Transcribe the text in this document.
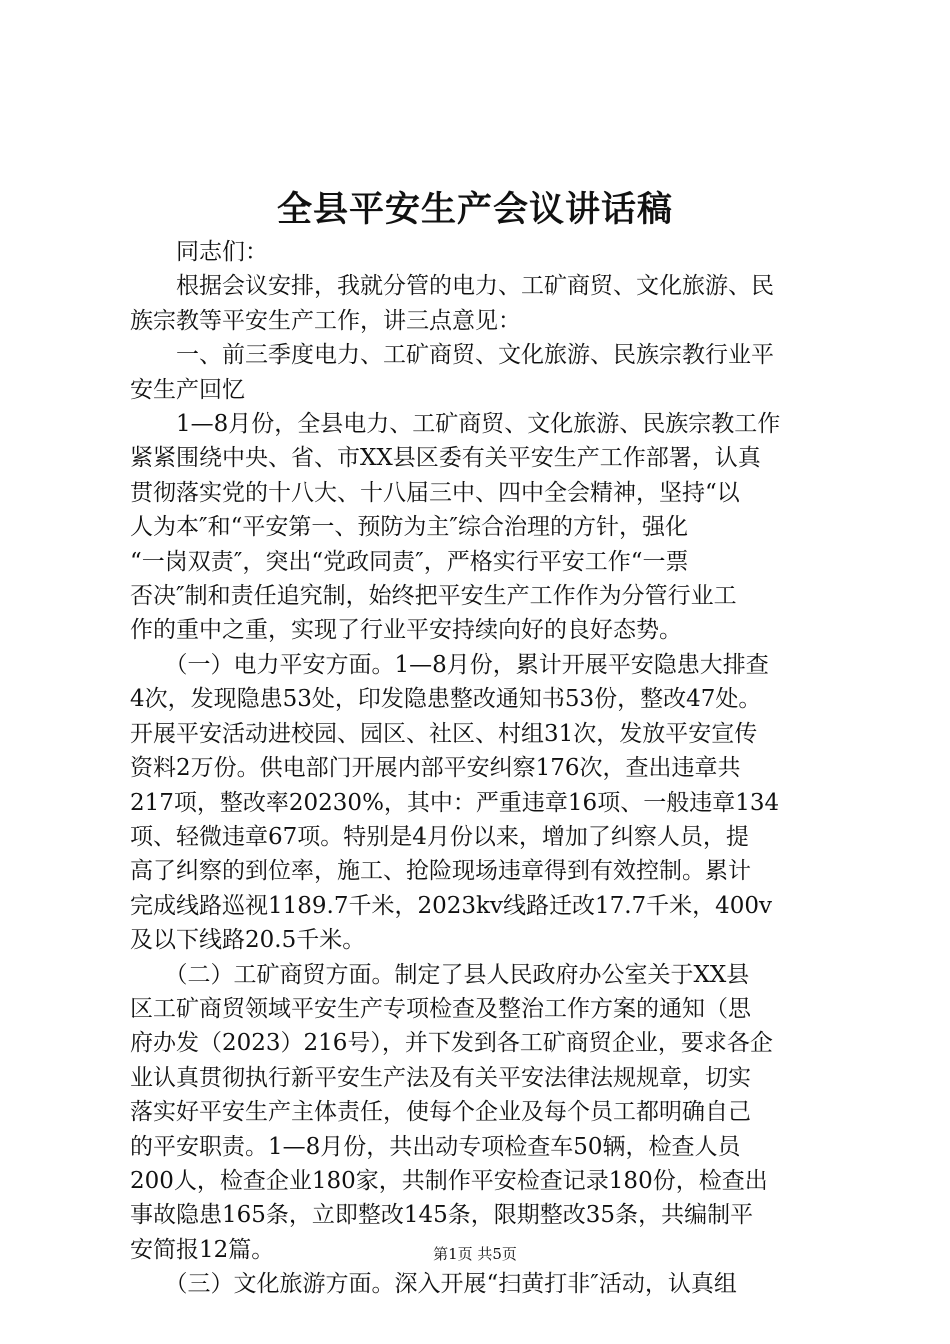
全县平安生产会议讲话稿

　　同志们：

　　根据会议安排，我就分管的电力、工矿商贸、文化旅游、民

族宗教等平安生产工作，讲三点意见：

　　一、前三季度电力、工矿商贸、文化旅游、民族宗教行业平

安生产回忆

　　1—8月份，全县电力、工矿商贸、文化旅游、民族宗教工作

紧紧围绕中央、省、市XX县区委有关平安生产工作部署，认真

贯彻落实党的十八大、十八届三中、四中全会精神，坚持“以

人为本″和“平安第一、预防为主″综合治理的方针，强化

“一岗双责″，突出“党政同责″，严格实行平安工作“一票

否决″制和责任追究制，始终把平安生产工作作为分管行业工

作的重中之重，实现了行业平安持续向好的良好态势。

　　（一）电力平安方面。1—8月份，累计开展平安隐患大排查

4次，发现隐患53处，印发隐患整改通知书53份，整改47处。

开展平安活动进校园、园区、社区、村组31次，发放平安宣传

资料2万份。供电部门开展内部平安纠察176次，查出违章共

217项，整改率20230%，其中：严重违章16项、一般违章134

项、轻微违章67项。特别是4月份以来，增加了纠察人员，提

高了纠察的到位率，施工、抢险现场违章得到有效控制。累计

完成线路巡视1189.7千米，2023kv线路迁改17.7千米，400v

及以下线路20.5千米。

　　（二）工矿商贸方面。制定了县人民政府办公室关于XX县

区工矿商贸领域平安生产专项检查及整治工作方案的通知（思

府办发（2023）216号），并下发到各工矿商贸企业，要求各企

业认真贯彻执行新平安生产法及有关平安法律法规规章，切实

落实好平安生产主体责任，使每个企业及每个员工都明确自己

的平安职责。1—8月份，共出动专项检查车50辆，检查人员

200人，检查企业180家，共制作平安检查记录180份，检查出

事故隐患165条，立即整改145条，限期整改35条，共编制平

安简报12篇。

　　（三）文化旅游方面。深入开展“扫黄打非″活动，认真组

第1页 共5页
